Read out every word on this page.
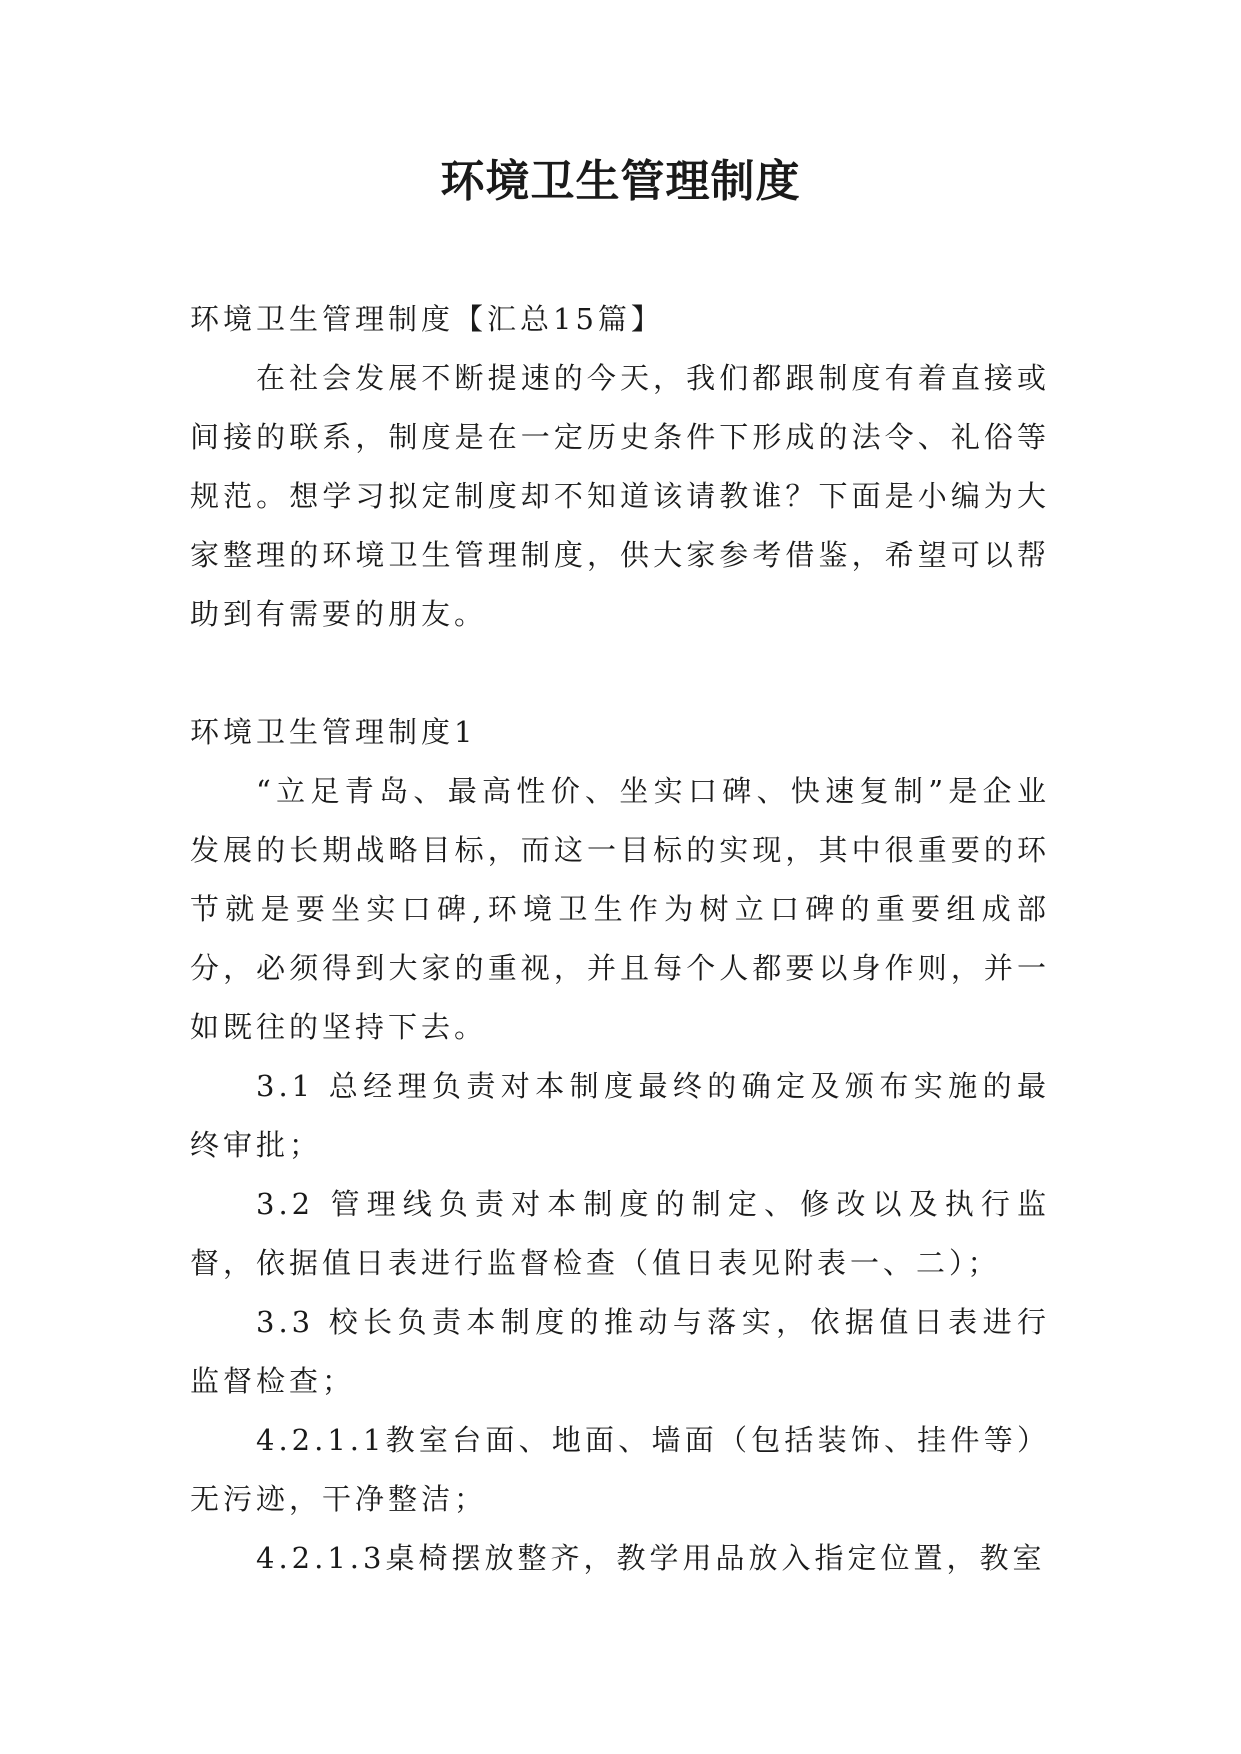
环境卫生管理制度

环境卫生管理制度【汇总15篇】

在社会发展不断提速的今天，我们都跟制度有着直接或间接的联系，制度是在一定历史条件下形成的法令、礼俗等规范。想学习拟定制度却不知道该请教谁？下面是小编为大家整理的环境卫生管理制度，供大家参考借鉴，希望可以帮助到有需要的朋友。

环境卫生管理制度1

“立足青岛、最高性价、坐实口碑、快速复制”是企业发展的长期战略目标，而这一目标的实现，其中很重要的环节就是要坐实口碑,环境卫生作为树立口碑的重要组成部分，必须得到大家的重视，并且每个人都要以身作则，并一如既往的坚持下去。

3.1 总经理负责对本制度最终的确定及颁布实施的最终审批；

3.2 管理线负责对本制度的制定、修改以及执行监督，依据值日表进行监督检查（值日表见附表一、二）；

3.3 校长负责本制度的推动与落实，依据值日表进行监督检查；

4.2.1.1教室台面、地面、墙面（包括装饰、挂件等）无污迹，干净整洁；

4.2.1.3桌椅摆放整齐，教学用品放入指定位置，教室
